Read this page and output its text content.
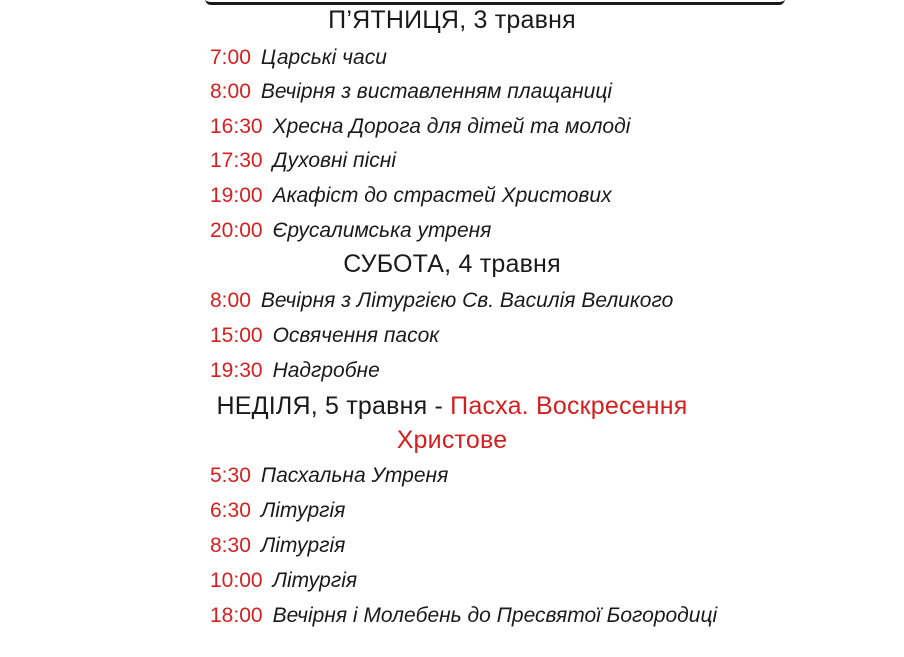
П’ЯТНИЦЯ, 3 травня
7:00 Царські часи
8:00 Вечірня з виставленням плащаниці
16:30 Хресна Дорога для дітей та молоді
17:30 Духовні пісні
19:00 Акафіст до страстей Христових
20:00 Єрусалимська утреня
СУБОТА, 4 травня
8:00 Вечірня з Літургією Св. Василія Великого
15:00 Освячення пасок
19:30 Надгробне
НЕДІЛЯ, 5 травня - Пасха. Воскресення
Христове
5:30 Пасхальна Утреня
6:30 Літургія
8:30 Літургія
10:00 Літургія
18:00 Вечірня і Молебень до Пресвятої Богородиці
